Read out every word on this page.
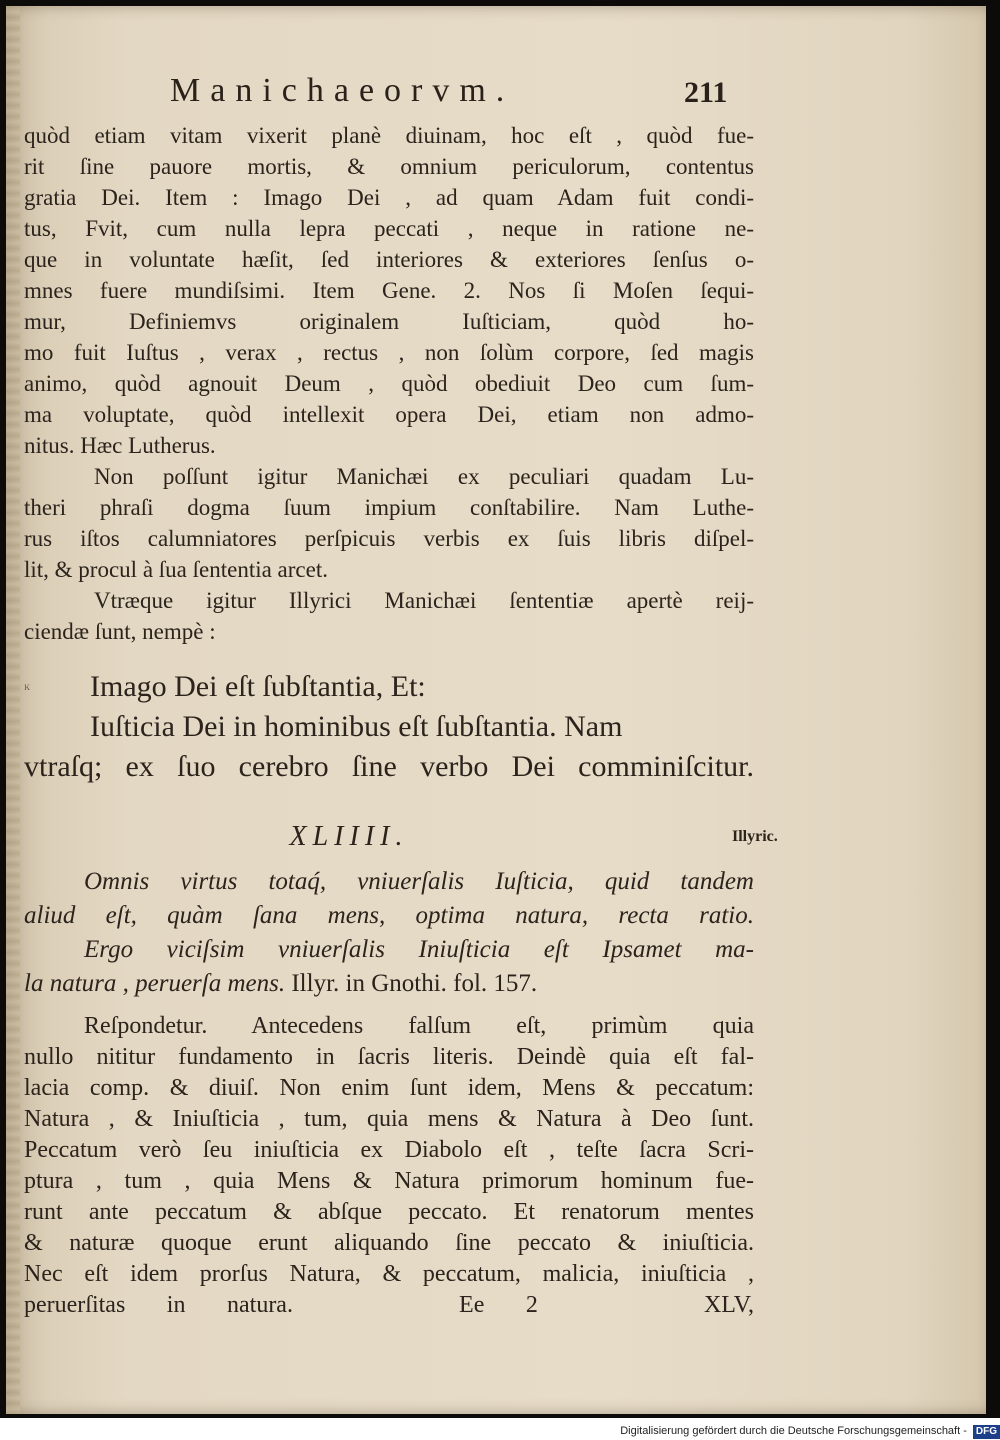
Manichaeorvm.	211
quòd etiam vitam vixerit planè diuinam, hoc eſt , quòd fue-
rit ſine pauore mortis, & omnium periculorum, contentus
gratia Dei. Item : Imago Dei , ad quam Adam fuit condi-
tus, Fvit, cum nulla lepra peccati , neque in ratione ne-
que in voluntate hæſit, ſed interiores & exteriores ſenſus o-
mnes fuere mundiſsimi. Item Gene. 2. Nos ſi Moſen ſequi-
mur, Definiemvs originalem Iuſticiam, quòd ho-
mo fuit Iuſtus , verax , rectus , non ſolùm corpore, ſed magis
animo, quòd agnouit Deum , quòd obediuit Deo cum ſum-
ma voluptate, quòd intellexit opera Dei, etiam non admo-
nitus. Hæc Lutherus.
Non poſſunt igitur Manichæi ex peculiari quadam Lu-
theri phraſi dogma ſuum impium conſtabilire. Nam Luthe-
rus iſtos calumniatores perſpicuis verbis ex ſuis libris diſpel-
lit, & procul à ſua ſententia arcet.
Vtræque igitur Illyrici Manichæi ſententiæ apertè reij-
ciendæ ſunt, nempè :
ĸ	Imago Dei eſt ſubſtantia, Et:
Iuſticia Dei in hominibus eſt ſubſtantia. Nam
vtraſq; ex ſuo cerebro ſine verbo Dei comminiſcitur.
XLIIII.
Omnis virtus totaq́, vniuerſalis Iuſticia, quid tandem
aliud eſt, quàm ſana mens, optima natura, recta ratio.
Ergo viciſsim vniuerſalis Iniuſticia eſt Ipsamet ma-
la natura , peruerſa mens. Illyr. in Gnothi. fol. 157.
Reſpondetur. Antecedens falſum eſt, primùm quia
nullo nititur fundamento in ſacris literis. Deindè quia eſt fal-
lacia comp. & diuiſ. Non enim ſunt idem, Mens & peccatum:
Natura , & Iniuſticia , tum, quia mens & Natura à Deo ſunt.
Peccatum verò ſeu iniuſticia ex Diabolo eſt , teſte ſacra Scri-
ptura , tum , quia Mens & Natura primorum hominum fue-
runt ante peccatum & abſque peccato. Et renatorum mentes
& naturæ quoque erunt aliquando ſine peccato & iniuſticia.
Nec eſt idem prorſus Natura, & peccatum, malicia, iniuſticia ,
peruerſitas in natura.    Ee 2    XLV,
Illyric.
Digitalisierung gefördert durch die Deutsche Forschungsgemeinschaft - DFG
